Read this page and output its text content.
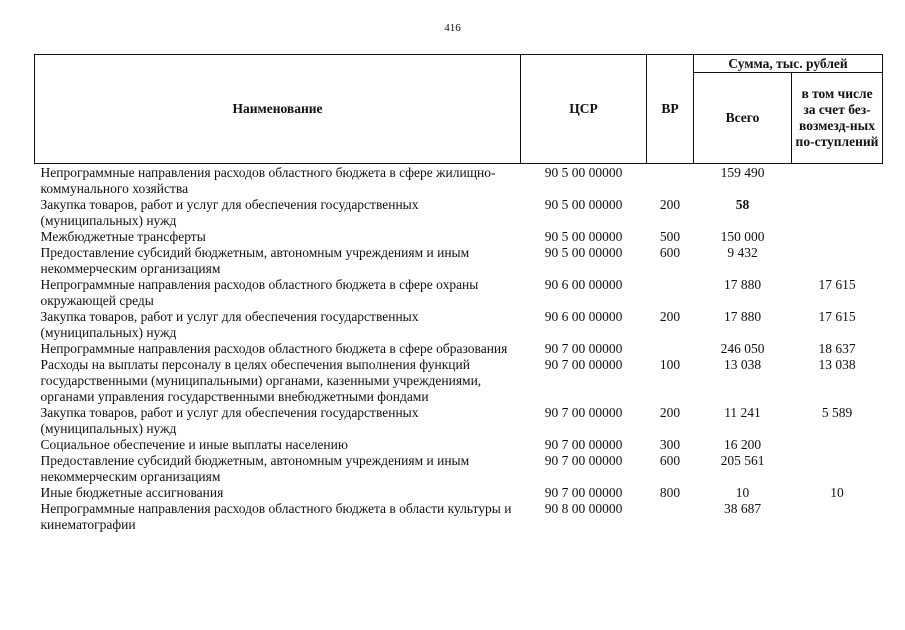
416
Наименование	ЦСР	ВР	Сумма, тыс. рублей	
			Всего	в том числе за счет без-возмезд-ных по-ступлений
Непрограммные направления расходов областного бюджета в сфере жилищно-коммунального хозяйства	90 5 00 00000		159 490	
Закупка товаров, работ и услуг для обеспечения государственных (муниципальных) нужд	90 5 00 00000	200	58	
Межбюджетные трансферты	90 5 00 00000	500	150 000	
Предоставление субсидий бюджетным, автономным учреждениям и иным некоммерческим организациям	90 5 00 00000	600	9 432	
Непрограммные направления расходов областного бюджета в сфере охраны окружающей среды	90 6 00 00000		17 880	17 615
Закупка товаров, работ и услуг для обеспечения государственных (муниципальных) нужд	90 6 00 00000	200	17 880	17 615
Непрограммные направления расходов областного бюджета в сфере образования	90 7 00 00000		246 050	18 637
Расходы на выплаты персоналу в целях обеспечения выполнения функций государственными (муниципальными) органами, казенными учреждениями, органами управления государственными внебюджетными фондами	90 7 00 00000	100	13 038	13 038
Закупка товаров, работ и услуг для обеспечения государственных (муниципальных) нужд	90 7 00 00000	200	11 241	5 589
Социальное обеспечение и иные выплаты населению	90 7 00 00000	300	16 200	
Предоставление субсидий бюджетным, автономным учреждениям и иным некоммерческим организациям	90 7 00 00000	600	205 561	
Иные бюджетные ассигнования	90 7 00 00000	800	10	10
Непрограммные направления расходов областного бюджета в области культуры и кинематографии	90 8 00 00000		38 687	
